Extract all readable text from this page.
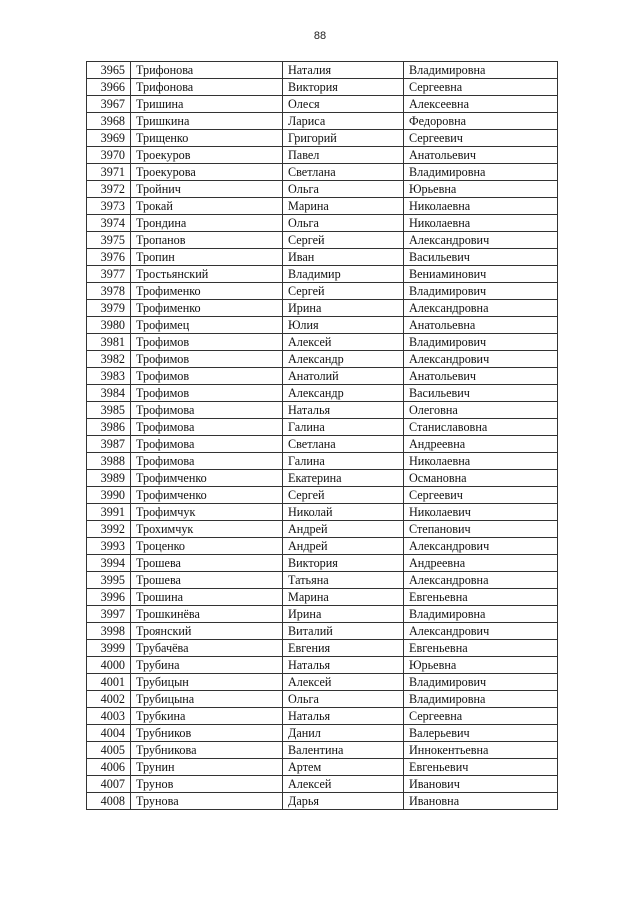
88
3965	Трифонова	Наталия	Владимировна
3966	Трифонова	Виктория	Сергеевна
3967	Тришина	Олеся	Алексеевна
3968	Тришкина	Лариса	Федоровна
3969	Трищенко	Григорий	Сергеевич
3970	Троекуров	Павел	Анатольевич
3971	Троекурова	Светлана	Владимировна
3972	Тройнич	Ольга	Юрьевна
3973	Трокай	Марина	Николаевна
3974	Трондина	Ольга	Николаевна
3975	Тропанов	Сергей	Александрович
3976	Тропин	Иван	Васильевич
3977	Тростьянский	Владимир	Вениаминович
3978	Трофименко	Сергей	Владимирович
3979	Трофименко	Ирина	Александровна
3980	Трофимец	Юлия	Анатольевна
3981	Трофимов	Алексей	Владимирович
3982	Трофимов	Александр	Александрович
3983	Трофимов	Анатолий	Анатольевич
3984	Трофимов	Александр	Васильевич
3985	Трофимова	Наталья	Олеговна
3986	Трофимова	Галина	Станиславовна
3987	Трофимова	Светлана	Андреевна
3988	Трофимова	Галина	Николаевна
3989	Трофимченко	Екатерина	Османовна
3990	Трофимченко	Сергей	Сергеевич
3991	Трофимчук	Николай	Николаевич
3992	Трохимчук	Андрей	Степанович
3993	Троценко	Андрей	Александрович
3994	Трошева	Виктория	Андреевна
3995	Трошева	Татьяна	Александровна
3996	Трошина	Марина	Евгеньевна
3997	Трошкинёва	Ирина	Владимировна
3998	Троянский	Виталий	Александрович
3999	Трубачёва	Евгения	Евгеньевна
4000	Трубина	Наталья	Юрьевна
4001	Трубицын	Алексей	Владимирович
4002	Трубицына	Ольга	Владимировна
4003	Трубкина	Наталья	Сергеевна
4004	Трубников	Данил	Валерьевич
4005	Трубникова	Валентина	Иннокентьевна
4006	Трунин	Артем	Евгеньевич
4007	Трунов	Алексей	Иванович
4008	Трунова	Дарья	Ивановна
